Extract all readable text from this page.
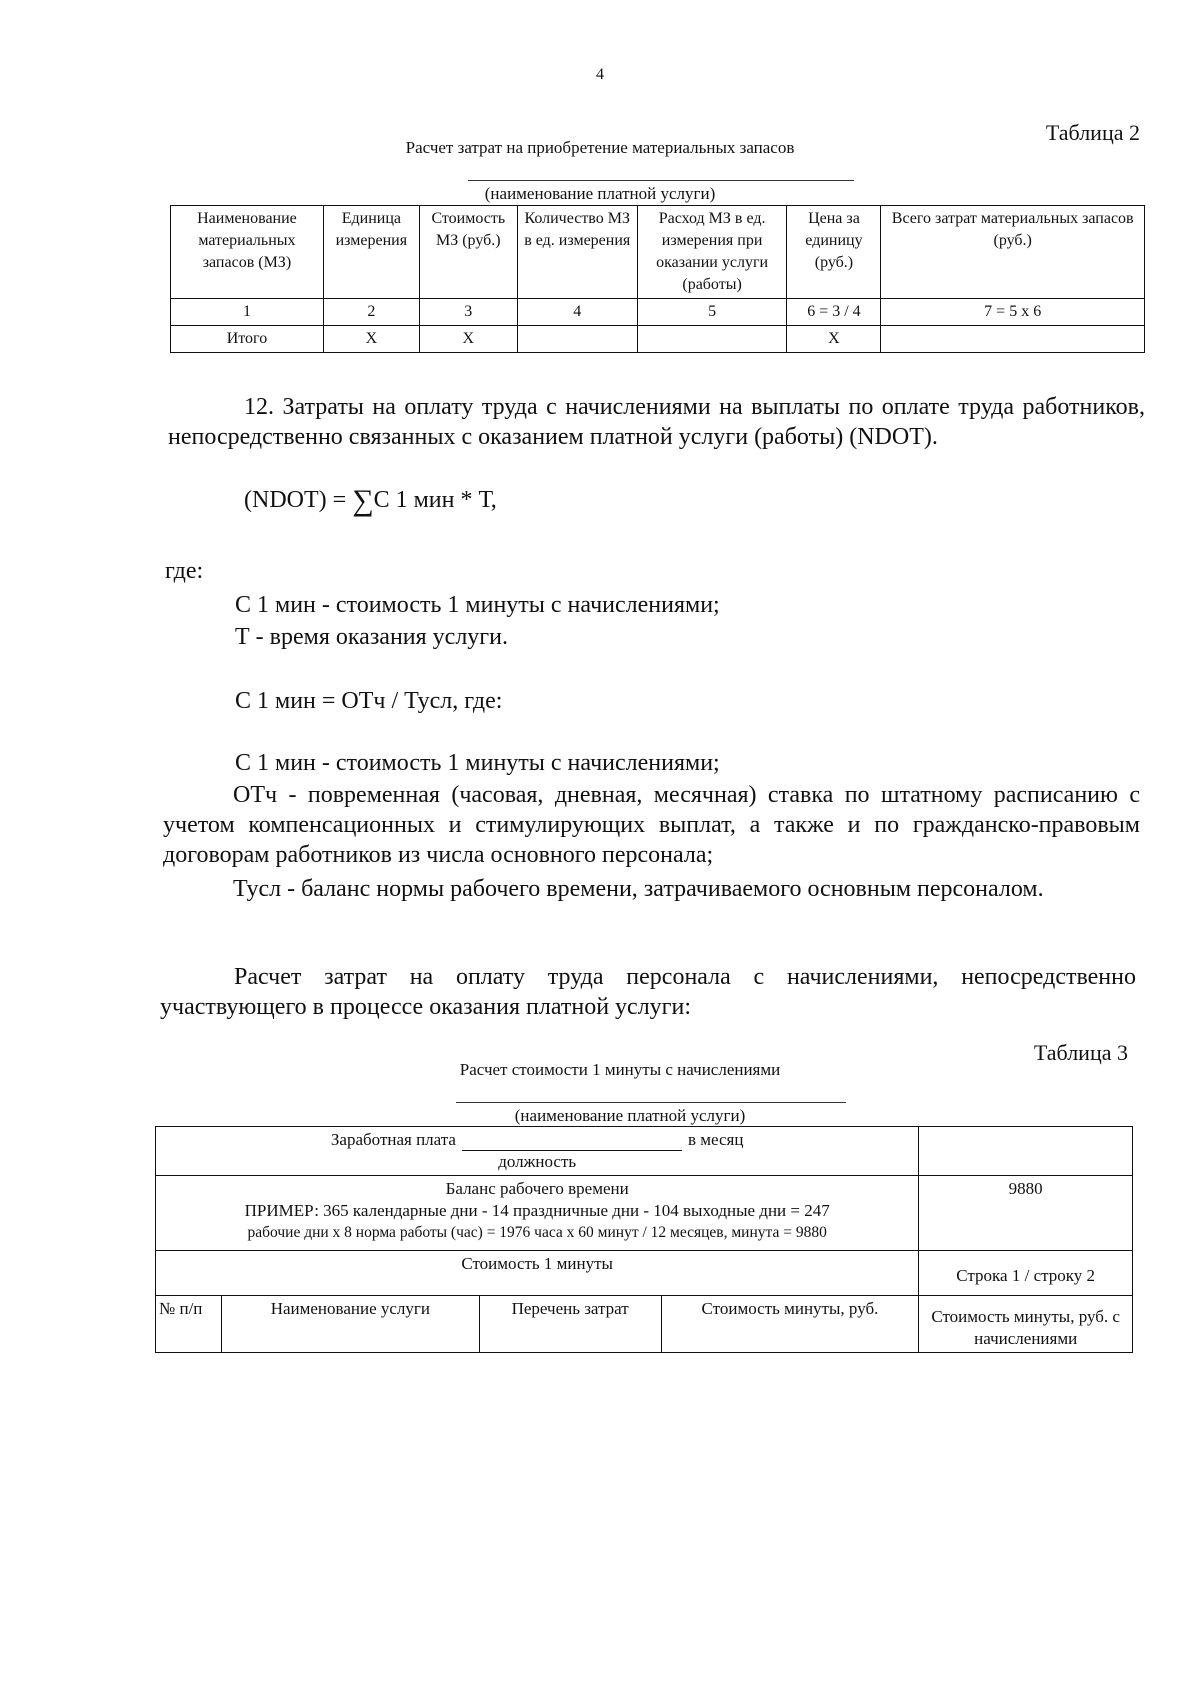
4
Таблица 2
Расчет затрат на приобретение материальных запасов
(наименование платной услуги)
Наименование материальных запасов (МЗ)	Единица измерения	Стоимость МЗ (руб.)	Количество МЗ в ед. измерения	Расход МЗ в ед. измерения при оказании услуги (работы)	Цена за единицу (руб.)	Всего затрат материальных запасов (руб.)
1	2	3	4	5	6 = 3 / 4	7 = 5 х 6
Итого	Х	Х			Х	
12. Затраты на оплату труда с начислениями на выплаты по оплате труда работников, непосредственно связанных с оказанием платной услуги (работы) (NDOT).
(NDOT) = ∑С 1 мин * Т,
где:
С 1 мин - стоимость 1 минуты с начислениями;
Т - время оказания услуги.
С 1 мин = ОТч / Тусл, где:
С 1 мин - стоимость 1 минуты с начислениями;
ОТч - повременная (часовая, дневная, месячная) ставка по штатному расписанию с учетом компенсационных и стимулирующих выплат, а также и по гражданско-правовым договорам работников из числа основного персонала;
Тусл - баланс нормы рабочего времени, затрачиваемого основным персоналом.
Расчет затрат на оплату труда персонала с начислениями, непосредственно участвующего в процессе оказания платной услуги:
Таблица 3
Расчет стоимости 1 минуты с начислениями
(наименование платной услуги)
Заработная плата в месяц
должность				

Баланс рабочего времени
ПРИМЕР: 365 календарные дни - 14 праздничные дни - 104 выходные дни = 247
рабочие дни х 8 норма работы (час) = 1976 часа х 60 минут / 12 месяцев, минута = 9880				9880
Стоимость 1 минуты				Строка 1 / строку 2
№ п/п	Наименование услуги	Перечень затрат	Стоимость минуты, руб.	Стоимость минуты, руб. с начислениями
